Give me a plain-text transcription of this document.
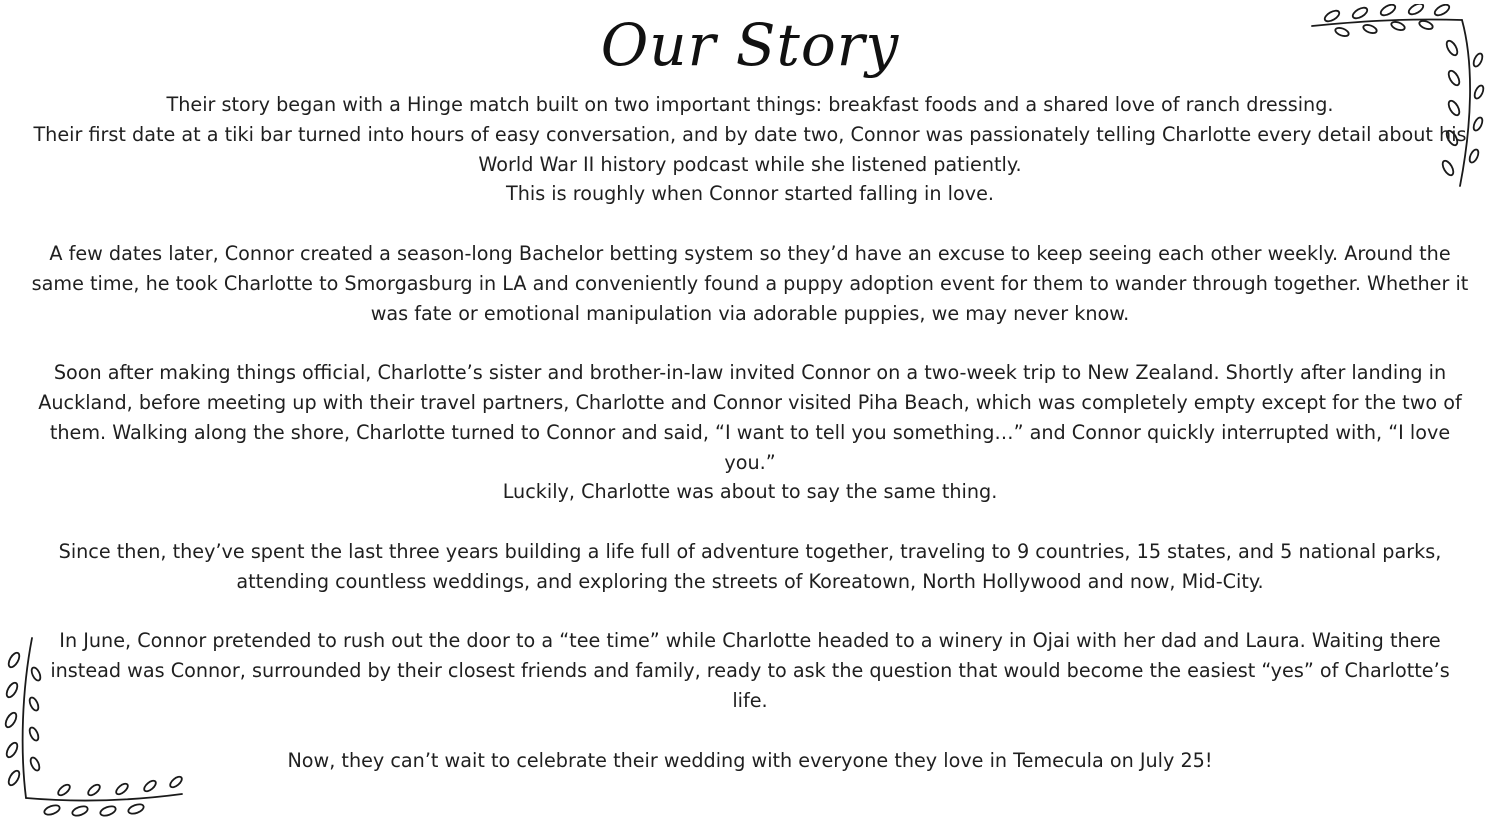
Our Story

Their story began with a Hinge match built on two important things: breakfast foods and a shared love of ranch dressing.

Their first date at a tiki bar turned into hours of easy conversation, and by date two, Connor was passionately telling Charlotte every detail about his World War II history podcast while she listened patiently.

This is roughly when Connor started falling in love.

A few dates later, Connor created a season-long Bachelor betting system so they’d have an excuse to keep seeing each other weekly. Around the same time, he took Charlotte to Smorgasburg in LA and conveniently found a puppy adoption event for them to wander through together. Whether it was fate or emotional manipulation via adorable puppies, we may never know.

Soon after making things official, Charlotte’s sister and brother-in-law invited Connor on a two-week trip to New Zealand. Shortly after landing in Auckland, before meeting up with their travel partners, Charlotte and Connor visited Piha Beach, which was completely empty except for the two of them. Walking along the shore, Charlotte turned to Connor and said, “I want to tell you something…” and Connor quickly interrupted with, “I love you.”

Luckily, Charlotte was about to say the same thing.

Since then, they’ve spent the last three years building a life full of adventure together, traveling to 9 countries, 15 states, and 5 national parks, attending countless weddings, and exploring the streets of Koreatown, North Hollywood and now, Mid-City.

In June, Connor pretended to rush out the door to a “tee time” while Charlotte headed to a winery in Ojai with her dad and Laura. Waiting there instead was Connor, surrounded by their closest friends and family, ready to ask the question that would become the easiest “yes” of Charlotte’s life.

Now, they can’t wait to celebrate their wedding with everyone they love in Temecula on July 25!
